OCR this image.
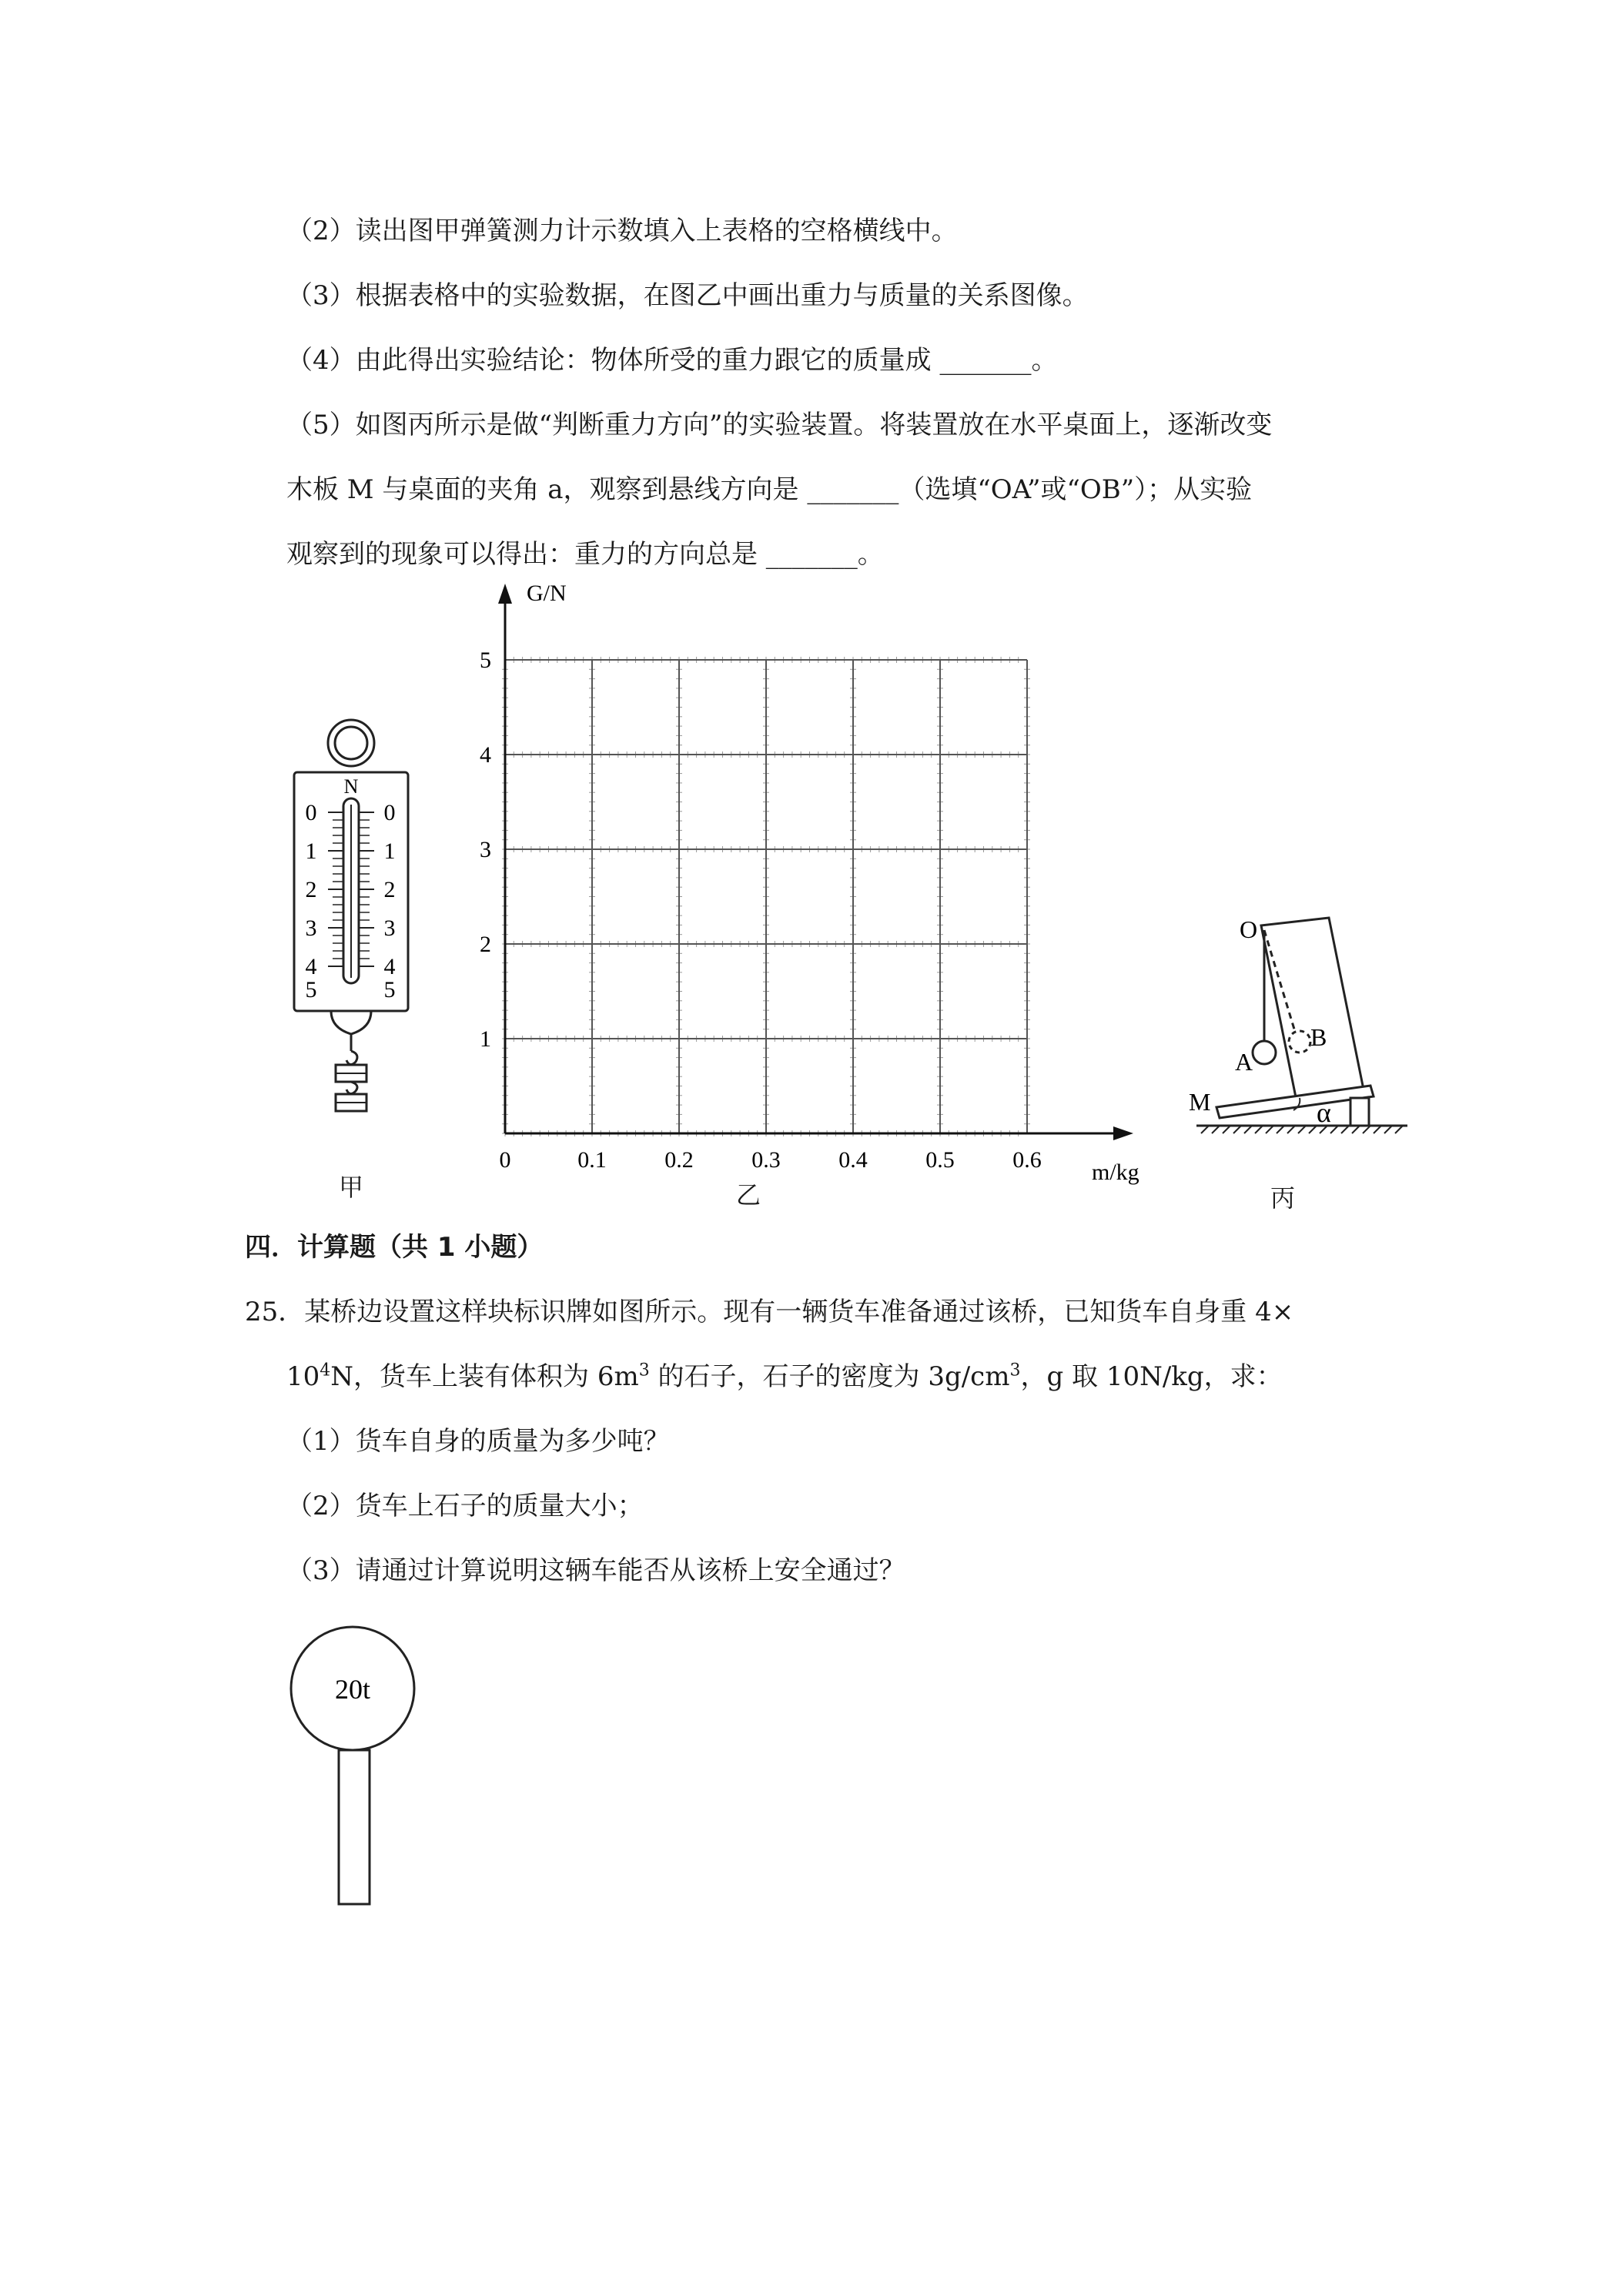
（2）读出图甲弹簧测力计示数填入上表格的空格横线中。
（3）根据表格中的实验数据，在图乙中画出重力与质量的关系图像。
（4）由此得出实验结论：物体所受的重力跟它的质量成 _______。
（5）如图丙所示是做“判断重力方向”的实验装置。将装置放在水平桌面上，逐渐改变
木板 M 与桌面的夹角 a，观察到悬线方向是 _______（选填“OA”或“OB”）；从实验
观察到的现象可以得出：重力的方向总是 _______。
N
0
1
2
3
4
5
0
1
2
3
4
5
甲
0	0.1	0.2	0.3	0.4	0.5	0.6
1
2
3
4
5
G/N
m/kg
乙
O
A
B
M	α
丙
四．计算题（共 1 小题）
25．某桥边设置这样块标识牌如图所示。现有一辆货车准备通过该桥，已知货车自身重 4×
$10^4N$，货车上装有体积为 $6m^3$ 的石子，石子的密度为 $3g/cm^3$，g 取 10N/kg，求：
（1）货车自身的质量为多少吨？
（2）货车上石子的质量大小；
（3）请通过计算说明这辆车能否从该桥上安全通过？
20t
